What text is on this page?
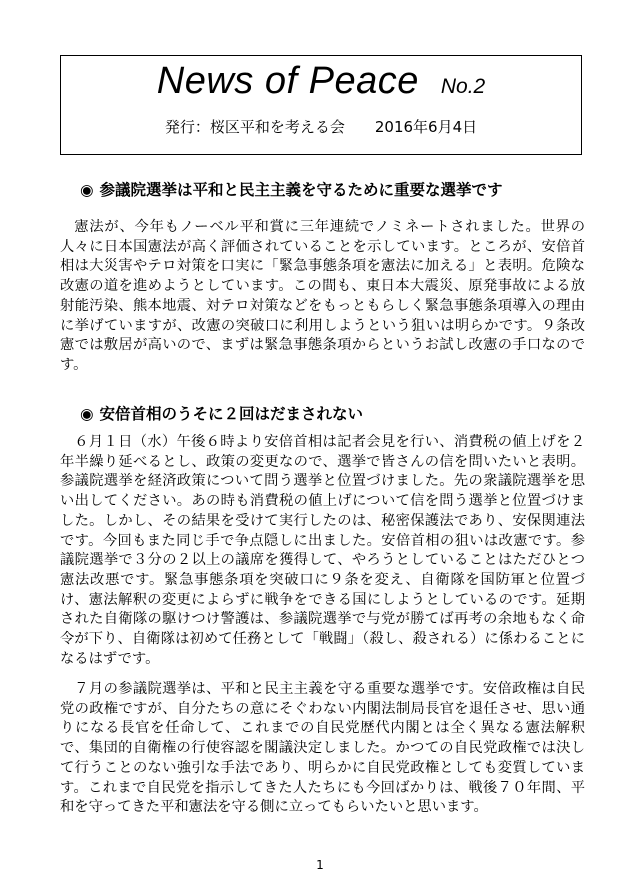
News of Peace No.2
発行：桜区平和を考える会 2016年6月4日
◉ 参議院選挙は平和と民主主義を守るために重要な選挙です

憲法が、今年もノーベル平和賞に三年連続でノミネートされました。世界の人々に日本国憲法が高く評価されていることを示しています。ところが、安倍首相は大災害やテロ対策を口実に「緊急事態条項を憲法に加える」と表明。危険な改憲の道を進めようとしています。この間も、東日本大震災、原発事故による放射能汚染、熊本地震、対テロ対策などをもっともらしく緊急事態条項導入の理由に挙げていますが、改憲の突破口に利用しようという狙いは明らかです。９条改憲では敷居が高いので、まずは緊急事態条項からというお試し改憲の手口なのです。

◉ 安倍首相のうそに２回はだまされない

６月１日（水）午後６時より安倍首相は記者会見を行い、消費税の値上げを２年半繰り延べるとし、政策の変更なので、選挙で皆さんの信を問いたいと表明。参議院選挙を経済政策について問う選挙と位置づけました。先の衆議院選挙を思い出してください。あの時も消費税の値上げについて信を問う選挙と位置づけました。しかし、その結果を受けて実行したのは、秘密保護法であり、安保関連法です。今回もまた同じ手で争点隠しに出ました。安倍首相の狙いは改憲です。参議院選挙で３分の２以上の議席を獲得して、やろうとしていることはただひとつ憲法改悪です。緊急事態条項を突破口に９条を変え、自衛隊を国防軍と位置づけ、憲法解釈の変更によらずに戦争をできる国にしようとしているのです。延期された自衛隊の駆けつけ警護は、参議院選挙で与党が勝てば再考の余地もなく命令が下り、自衛隊は初めて任務として「戦闘」（殺し、殺される）に係わることになるはずです。

７月の参議院選挙は、平和と民主主義を守る重要な選挙です。安倍政権は自民党の政権ですが、自分たちの意にそぐわない内閣法制局長官を退任させ、思い通りになる長官を任命して、これまでの自民党歴代内閣とは全く異なる憲法解釈で、集団的自衛権の行使容認を閣議決定しました。かつての自民党政権では決して行うことのない強引な手法であり、明らかに自民党政権としても変質しています。これまで自民党を指示してきた人たちにも今回ばかりは、戦後７０年間、平和を守ってきた平和憲法を守る側に立ってもらいたいと思います。

1
